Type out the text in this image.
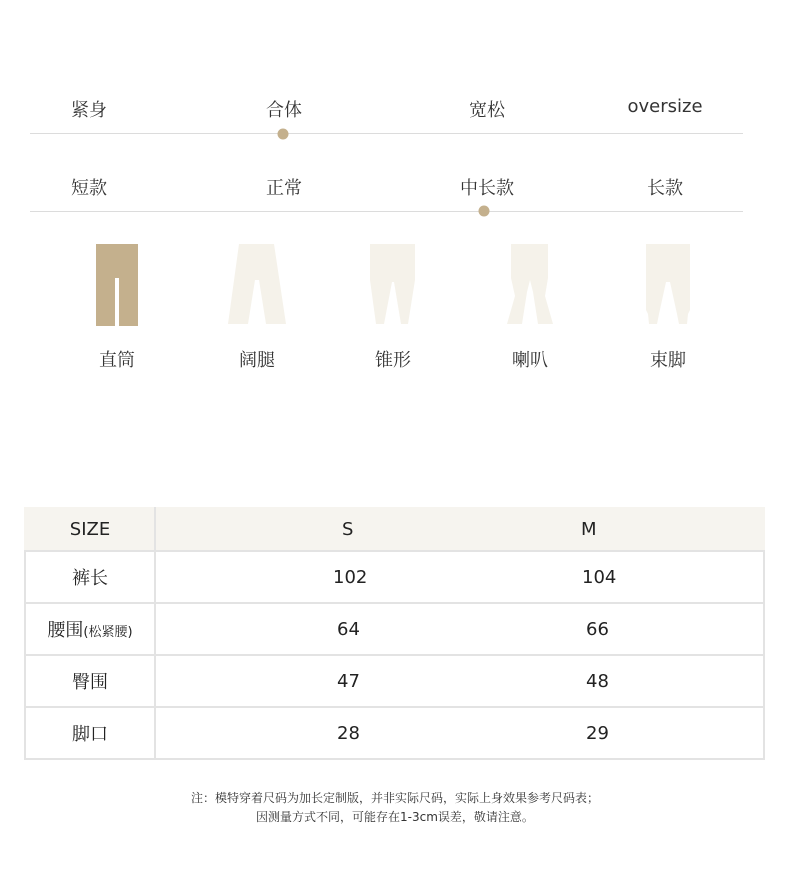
紧身	合体	宽松	oversize
短款	正常	中长款	长款
直筒	阔腿	锥形	喇叭	束脚
SIZE	S	M
裤长	102	104
腰围(松紧腰)	64	66
臀围	47	48
脚口	28	29
注：模特穿着尺码为加长定制版，并非实际尺码，实际上身效果参考尺码表；
因测量方式不同，可能存在1-3cm误差，敬请注意。
